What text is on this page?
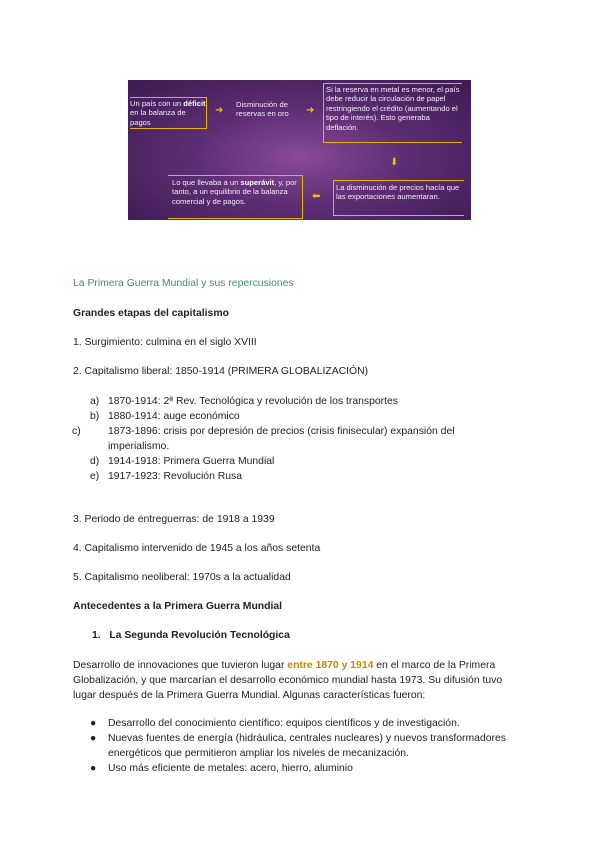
Un país con un déficit en la balanza de pagos
➜
Disminución de reservas en oro	➜
Si la reserva en metal es menor, el país debe reducir la circulación de papel restringiendo el crédito (aumentando el tipo de interés). Esto generaba deflación.
⬇
La disminución de precios hacía que las exportaciones aumentaran.
⬅
Lo que llevaba a un superávit, y, por tanto, a un equilibrio de la balanza comercial y de pagos.
La Primera Guerra Mundial y sus repercusiones
Grandes etapas del capitalismo
1. Surgimiento: culmina en el siglo XVIII
2. Capitalismo liberal: 1850-1914 (PRIMERA GLOBALIZACIÓN)
a) 1870-1914: 2ª Rev. Tecnológica y revolución de los transportes
b) 1880-1914: auge económico
c)	1873-1896: crisis por depresión de precios (crisis finisecular) expansión del imperialismo.
d) 1914-1918: Primera Guerra Mundial
e) 1917-1923: Revolución Rusa
3. Periodo de entreguerras: de 1918 a 1939
4. Capitalismo intervenido de 1945 a los años setenta
5. Capitalismo neoliberal: 1970s a la actualidad
Antecedentes a la Primera Guerra Mundial
1.   La Segunda Revolución Tecnológica
Desarrollo de innovaciones que tuvieron lugar entre 1870 y 1914 en el marco de la Primera Globalización, y que marcarían el desarrollo económico mundial hasta 1973. Su difusión tuvo lugar después de la Primera Guerra Mundial. Algunas características fueron:
● Desarrollo del conocimiento científico: equipos científicos y de investigación.
● Nuevas fuentes de energía (hidráulica, centrales nucleares) y nuevos transformadores energéticos que permitieron ampliar los niveles de mecanización.
● Uso más eficiente de metales: acero, hierro, aluminio
